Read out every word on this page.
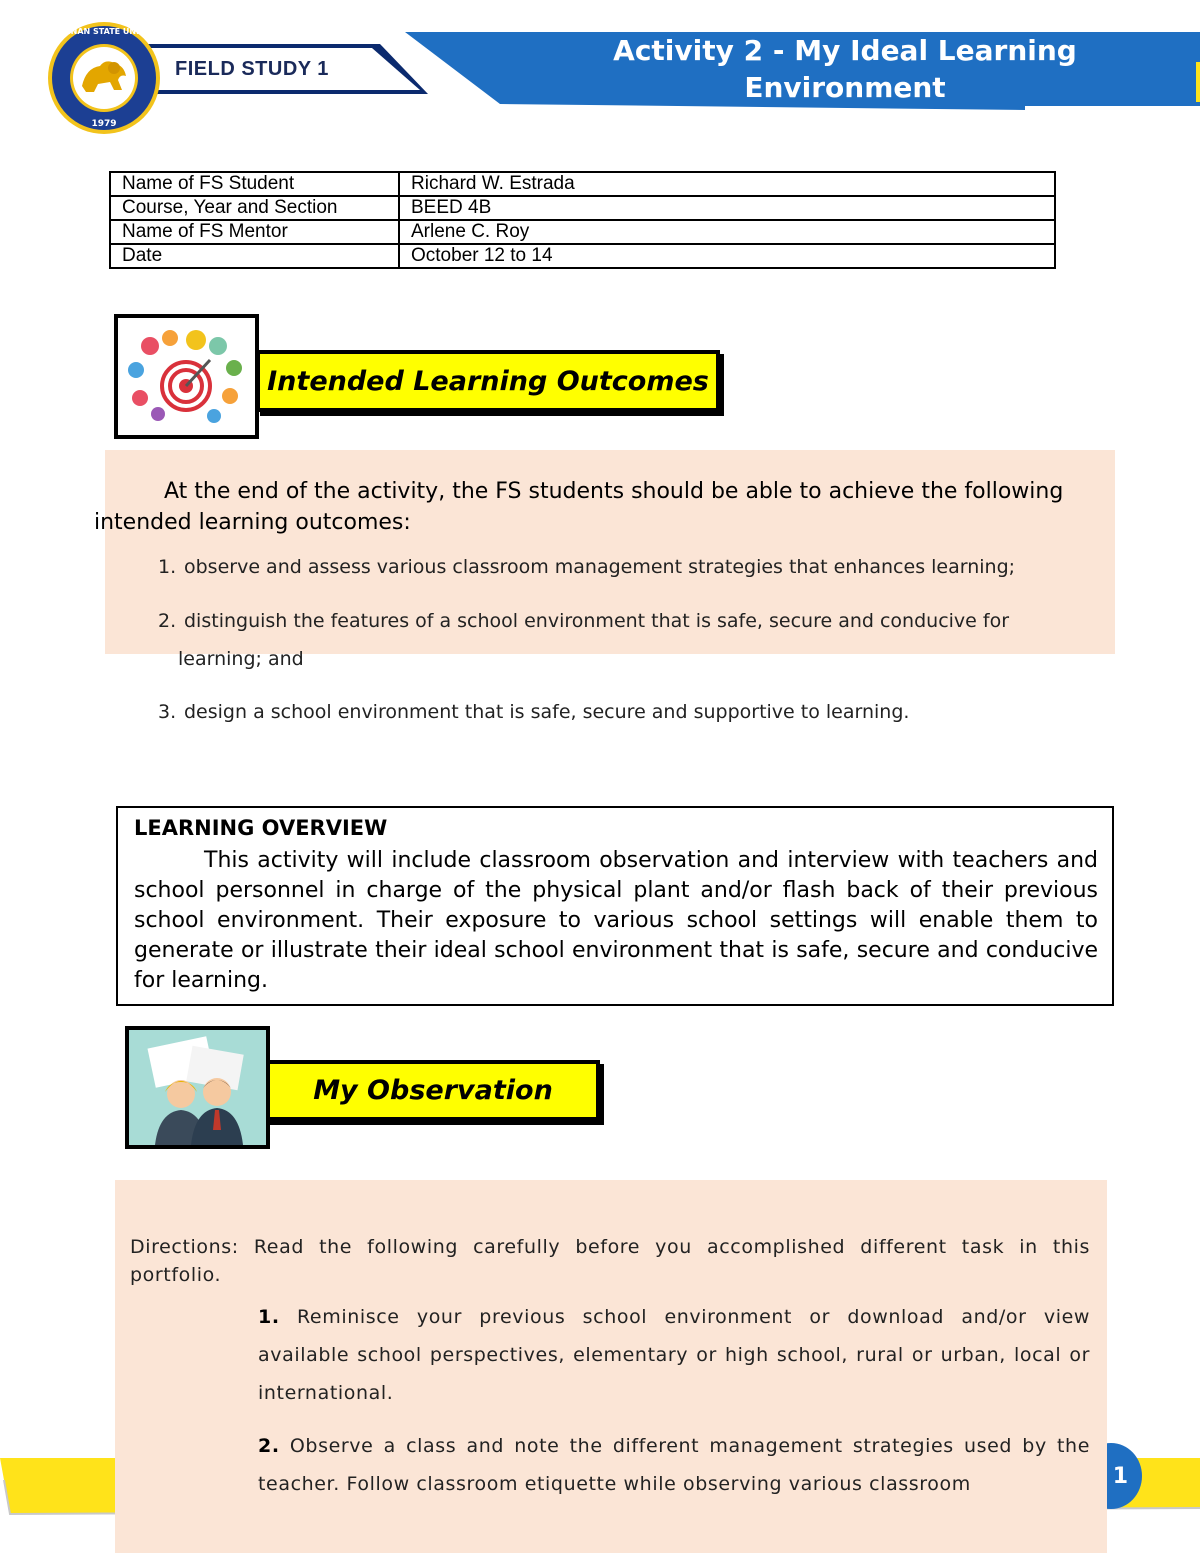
PANGASINAN STATE UNIVERSITY
1979
FIELD STUDY 1
Activity 2 - My Ideal Learning
Environment
Name of FS Student	Richard W. Estrada
Course, Year and Section	BEED 4B
Name of FS Mentor	Arlene C. Roy
Date	October 12 to 14
Intended Learning Outcomes
At the end of the activity, the FS students should be able to achieve the following
intended learning outcomes:
1. observe and assess various classroom management strategies that enhances learning;
2. distinguish the features of a school environment that is safe, secure and conducive for
learning; and
3. design a school environment that is safe, secure and supportive to learning.
LEARNING OVERVIEW
This activity will include classroom observation and interview with teachers and school personnel in charge of the physical plant and/or flash back of their previous school environment. Their exposure to various school settings will enable them to generate or illustrate their ideal school environment that is safe, secure and conducive for learning.
My Observation
1
Directions: Read the following carefully before you accomplished different task in this portfolio.
1. Reminisce your previous school environment or download and/or view available school perspectives, elementary or high school, rural or urban, local or international.
2. Observe a class and note the different management strategies used by the teacher. Follow classroom etiquette while observing various classroom
